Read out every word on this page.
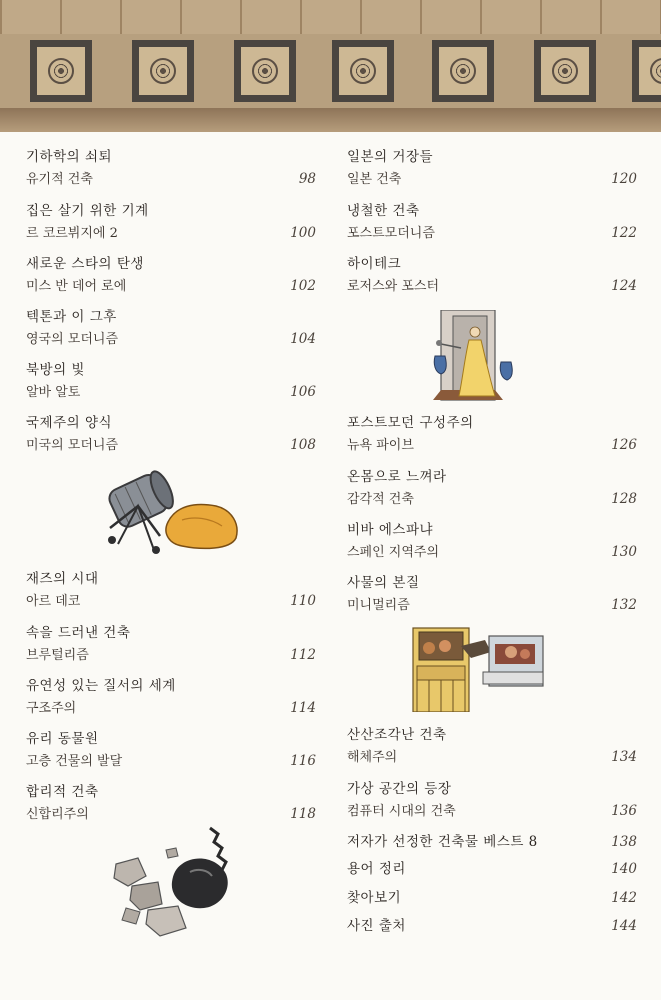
기하학의 쇠퇴
유기적 건축	98
집은 살기 위한 기계
르 코르뷔지에 2	100
새로운 스타의 탄생
미스 반 데어 로에	102
텍톤과 이 그후
영국의 모더니즘	104
북방의 빛
알바 알토	106
국제주의 양식
미국의 모더니즘	108
재즈의 시대
아르 데코	110
속을 드러낸 건축
브루털리즘	112
유연성 있는 질서의 세계
구조주의	114
유리 동물원
고층 건물의 발달	116
합리적 건축
신합리주의	118
일본의 거장들
일본 건축	120
냉철한 건축
포스트모더니즘	122
하이테크
로저스와 포스터	124
포스트모던 구성주의
뉴욕 파이브	126
온몸으로 느껴라
감각적 건축	128
비바 에스파냐
스페인 지역주의	130
사물의 본질
미니멀리즘	132
산산조각난 건축
해체주의	134
가상 공간의 등장
컴퓨터 시대의 건축	136
저자가 선정한 건축물 베스트 8	138
용어 정리	140
찾아보기	142
사진 출처	144
